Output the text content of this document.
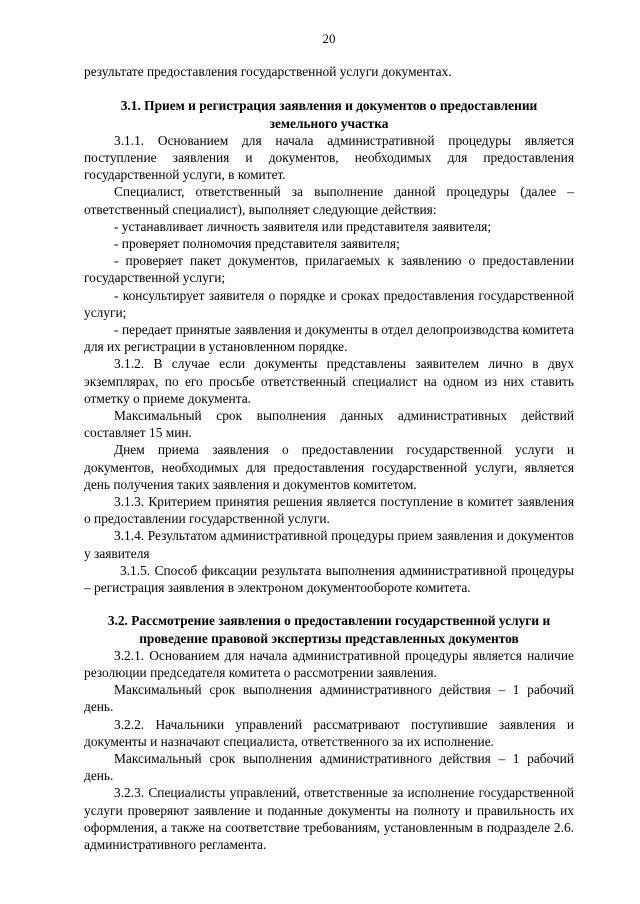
20

результате предоставления государственной услуги документах.

3.1. Прием и регистрация заявления и документов о предоставлении земельного участка

3.1.1. Основанием для начала административной процедуры является поступление заявления и документов, необходимых для предоставления государственной услуги, в комитет.

Специалист, ответственный за выполнение данной процедуры (далее – ответственный специалист), выполняет следующие действия:

- устанавливает личность заявителя или представителя заявителя;

- проверяет полномочия представителя заявителя;

- проверяет пакет документов, прилагаемых к заявлению о предоставлении государственной услуги;

- консультирует заявителя о порядке и сроках предоставления государственной услуги;

- передает принятые заявления и документы в отдел делопроизводства комитета для их регистрации в установленном порядке.

3.1.2. В случае если документы представлены заявителем лично в двух экземплярах, по его просьбе ответственный специалист на одном из них ставить отметку о приеме документа.

Максимальный срок выполнения данных административных действий составляет 15 мин.

Днем приема заявления о предоставлении государственной услуги и документов, необходимых для предоставления государственной услуги, является день получения таких заявления и документов комитетом.

3.1.3. Критерием принятия решения является поступление в комитет заявления о предоставлении государственной услуги.

3.1.4. Результатом административной процедуры прием заявления и документов у заявителя

3.1.5. Способ фиксации результата выполнения административной процедуры – регистрация заявления в электроном документообороте комитета.

3.2. Рассмотрение заявления о предоставлении государственной услуги и проведение правовой экспертизы представленных документов

3.2.1. Основанием для начала административной процедуры является наличие резолюции председателя комитета о рассмотрении заявления.

Максимальный срок выполнения административного действия – 1 рабочий день.

3.2.2. Начальники управлений рассматривают поступившие заявления и документы и назначают специалиста, ответственного за их исполнение.

Максимальный срок выполнения административного действия – 1 рабочий день.

3.2.3. Специалисты управлений, ответственные за исполнение государственной услуги проверяют заявление и поданные документы на полноту и правильность их оформления, а также на соответствие требованиям, установленным в подразделе 2.6. административного регламента.
